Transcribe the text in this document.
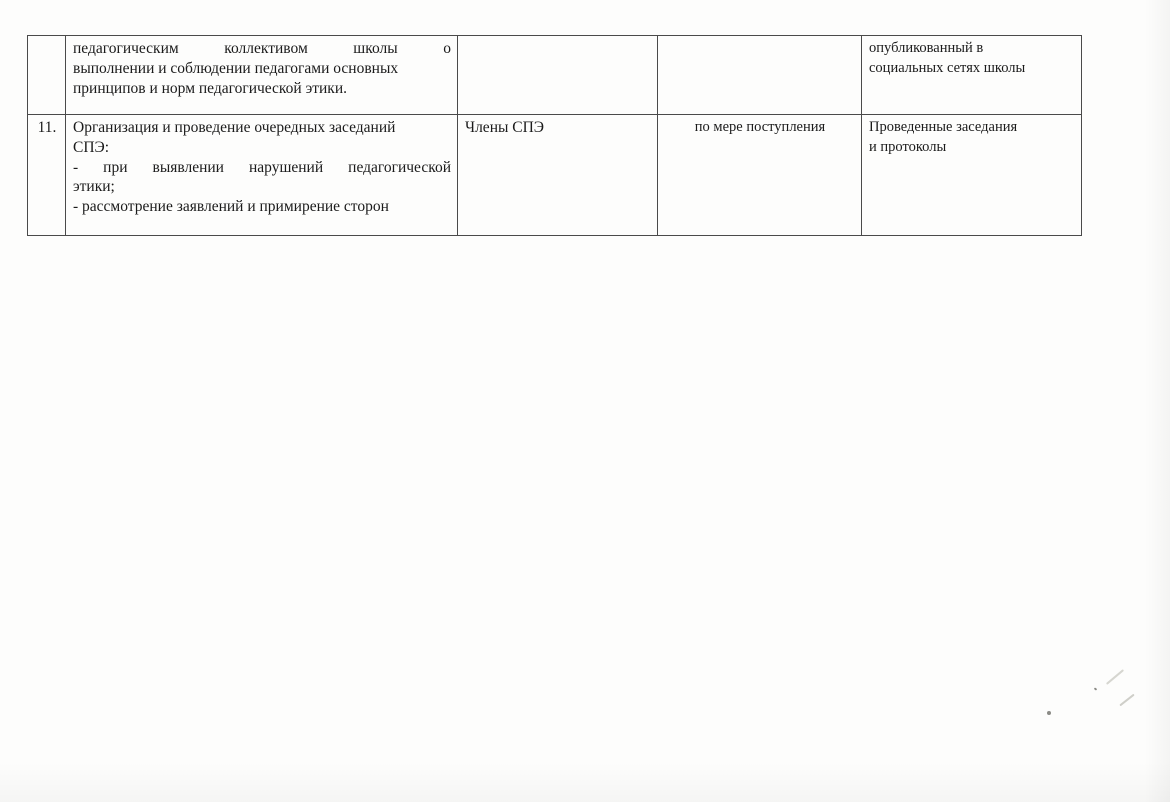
	педагогическим коллективом школы о
выполнении и соблюдении педагогами основных
принципов и норм педагогической этики.			опубликованный в
социальных сетях школы

11.	Организация и проведение очередных заседаний
СПЭ:
- при выявлении нарушений педагогической
этики;
- рассмотрение заявлений и примирение сторон	Члены СПЭ	по мере поступления	Проведенные заседания
и протоколы
